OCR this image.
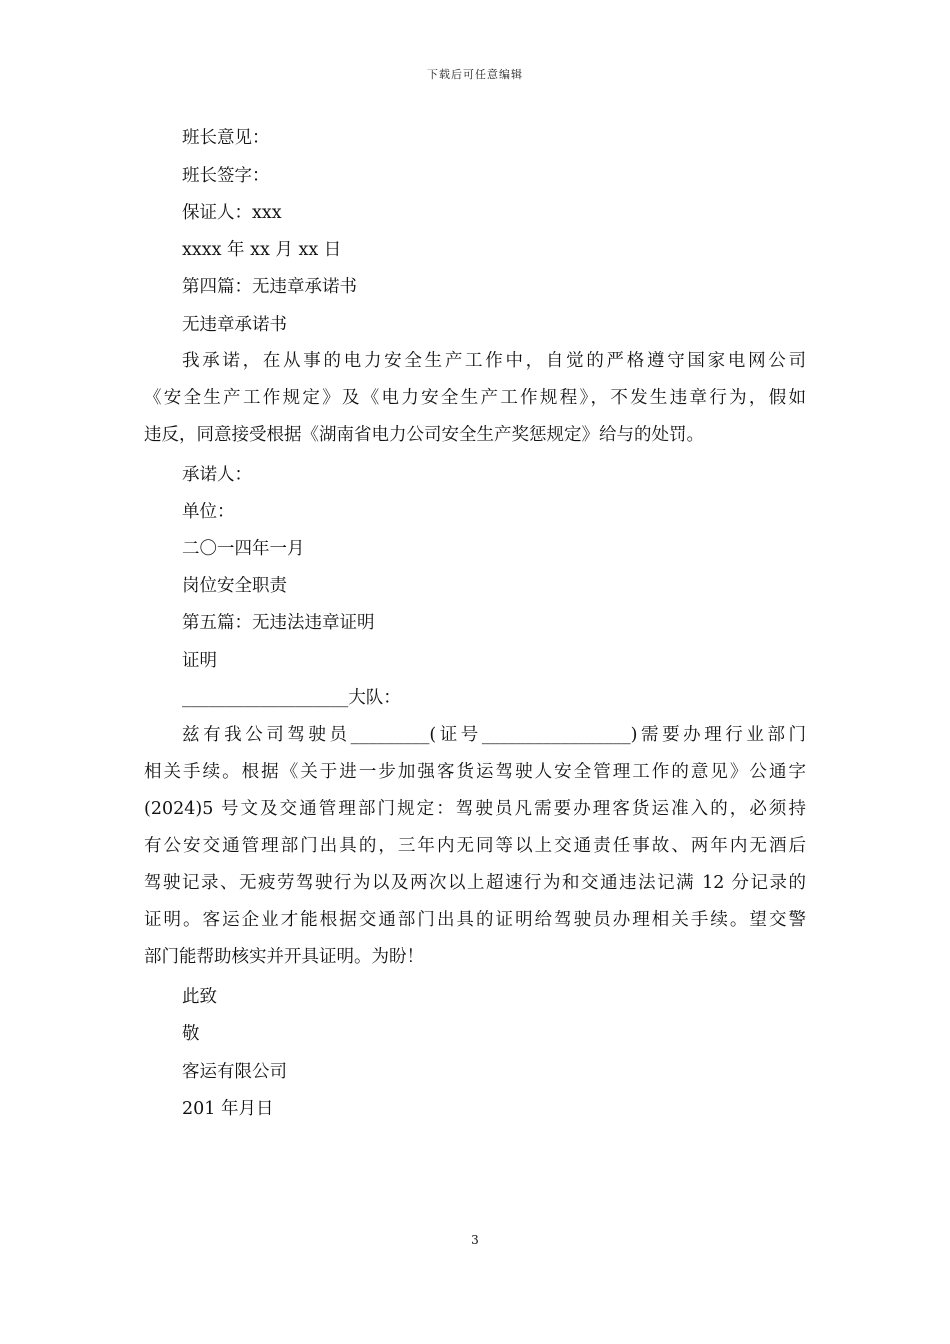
下载后可任意编辑
班长意见：
班长签字：
保证人：xxx
xxxx 年 xx 月 xx 日
第四篇：无违章承诺书
无违章承诺书
我承诺，在从事的电力安全生产工作中，自觉的严格遵守国家电网公司
《安全生产工作规定》及《电力安全生产工作规程》，不发生违章行为，假如
违反，同意接受根据《湖南省电力公司安全生产奖惩规定》给与的处罚。
承诺人：
单位：
二〇一四年一月
岗位安全职责
第五篇：无违法违章证明
证明
___________________大队：
兹有我公司驾驶员_________(证号_________________)需要办理行业部门
相关手续。根据《关于进一步加强客货运驾驶人安全管理工作的意见》公通字
(2024)5 号文及交通管理部门规定：驾驶员凡需要办理客货运准入的，必须持
有公安交通管理部门出具的，三年内无同等以上交通责任事故、两年内无酒后
驾驶记录、无疲劳驾驶行为以及两次以上超速行为和交通违法记满 12 分记录的
证明。客运企业才能根据交通部门出具的证明给驾驶员办理相关手续。望交警
部门能帮助核实并开具证明。为盼！
此致
敬
客运有限公司
201 年月日
3
